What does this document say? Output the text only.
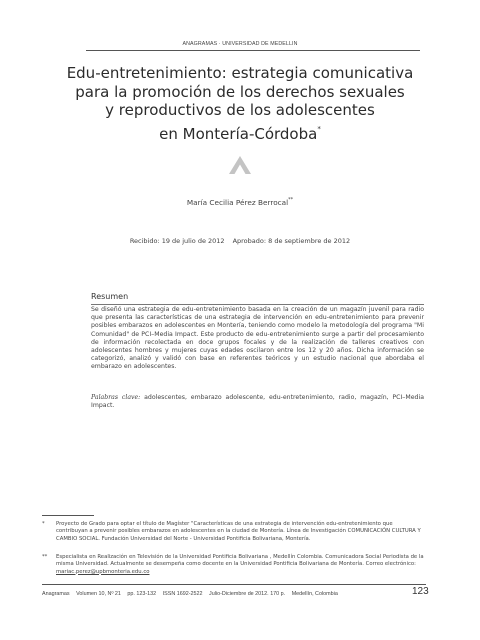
ANAGRAMAS · UNIVERSIDAD DE MEDELLIN
Edu-entretenimiento: estrategia comunicativa
para la promoción de los derechos sexuales
y reproductivos de los adolescentes
en Montería-Córdoba*
María Cecilia Pérez Berrocal**
Recibido: 19 de julio de 2012 Aprobado: 8 de septiembre de 2012
Resumen

Se diseñó una estrategia de edu-entretenimiento basada en la creación de un magazín juvenil para radio que presenta las características de una estrategia de intervención en edu-entretenimiento para prevenir posibles embarazos en adolescentes en Montería, teniendo como modelo la metodología del programa "Mi Comunidad" de PCI–Media Impact. Este producto de edu-entretenimiento surge a partir del procesamiento de información recolectada en doce grupos focales y de la realización de talleres creativos con adolescentes hombres y mujeres cuyas edades oscilaron entre los 12 y 20 años. Dicha información se categorizó, analizó y validó con base en referentes teóricos y un estudio nacional que abordaba el embarazo en adolescentes.

Palabras clave: adolescentes, embarazo adolescente, edu-entretenimiento, radio, magazín, PCI–Media Impact.

* Proyecto de Grado para optar el título de Magíster "Características de una estrategia de intervención edu-entretenimiento que contribuyan a prevenir posibles embarazos en adolescentes en la ciudad de Montería. Línea de Investigación COMUNICACIÓN CULTURA Y CAMBIO SOCIAL. Fundación Universidad del Norte - Universidad Pontificia Bolivariana, Montería.

** Especialista en Realización en Televisión de la Universidad Pontificia Bolivariana , Medellín Colombia. Comunicadora Social Periodista de la misma Universidad. Actualmente se desempeña como docente en la Universidad Pontificia Bolivariana de Montería. Correo electrónico: mariac.perez@upbmonteria.edu.co

Anagramas Volumen 10, Nº 21 pp. 123-132 ISSN 1692-2522 Julio-Diciembre de 2012. 170 p. Medellín, Colombia	123
